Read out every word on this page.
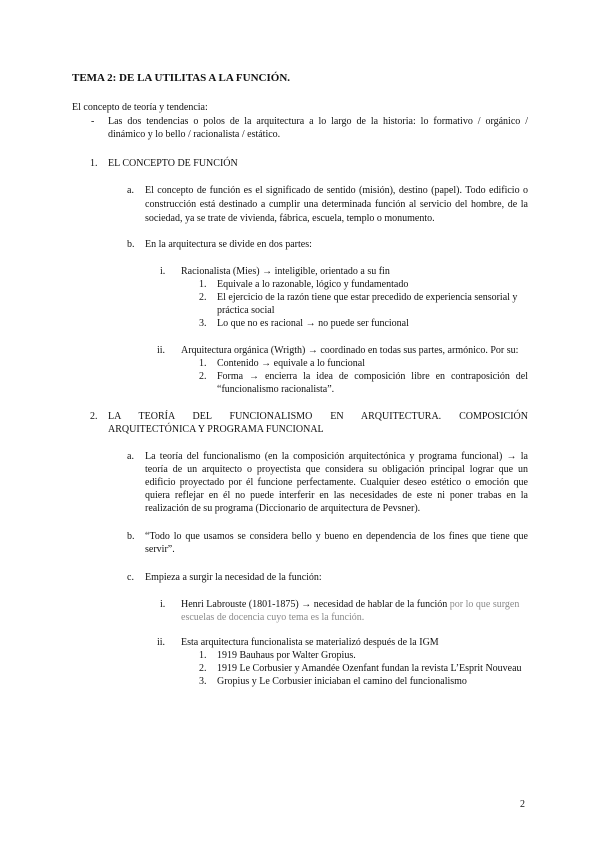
TEMA 2: DE LA UTILITAS A LA FUNCIÓN.
El concepto de teoría y tendencia:
- Las dos tendencias o polos de la arquitectura a lo largo de la historia: lo formativo / orgánico /
dinámico y lo bello / racionalista / estático.
1. EL CONCEPTO DE FUNCIÓN
a. El concepto de función es el significado de sentido (misión), destino (papel). Todo edificio o
construcción está destinado a cumplir una determinada función al servicio del hombre, de la
sociedad, ya se trate de vivienda, fábrica, escuela, templo o monumento.
b. En la arquitectura se divide en dos partes:
i. Racionalista (Mies) → inteligible, orientado a su fin
1. Equivale a lo razonable, lógico y fundamentado
2. El ejercicio de la razón tiene que estar precedido de experiencia sensorial y
práctica social
3. Lo que no es racional → no puede ser funcional
ii. Arquitectura orgánica (Wrigth) → coordinado en todas sus partes, armónico. Por su:
1. Contenido → equivale a lo funcional
2. Forma → encierra la idea de composición libre en contraposición del
“funcionalismo racionalista”.
2. LA TEORÍA DEL FUNCIONALISMO EN ARQUITECTURA. COMPOSICIÓN
ARQUITECTÓNICA Y PROGRAMA FUNCIONAL
a. La teoría del funcionalismo (en la composición arquitectónica y programa funcional) → la
teoría de un arquitecto o proyectista que considera su obligación principal lograr que un
edificio proyectado por él funcione perfectamente. Cualquier deseo estético o emoción que
quiera reflejar en él no puede interferir en las necesidades de este ni poner trabas en la
realización de su programa (Diccionario de arquitectura de Pevsner).
b. “Todo lo que usamos se considera bello y bueno en dependencia de los fines que tiene que
servir”.
c. Empieza a surgir la necesidad de la función:
i. Henri Labrouste (1801-1875) → necesidad de hablar de la función por lo que surgen
escuelas de docencia cuyo tema es la función.
ii. Esta arquitectura funcionalista se materializó después de la IGM
1. 1919 Bauhaus por Walter Gropius.
2. 1919 Le Corbusier y Amandée Ozenfant fundan la revista L’Esprit Nouveau
3. Gropius y Le Corbusier iniciaban el camino del funcionalismo
2
